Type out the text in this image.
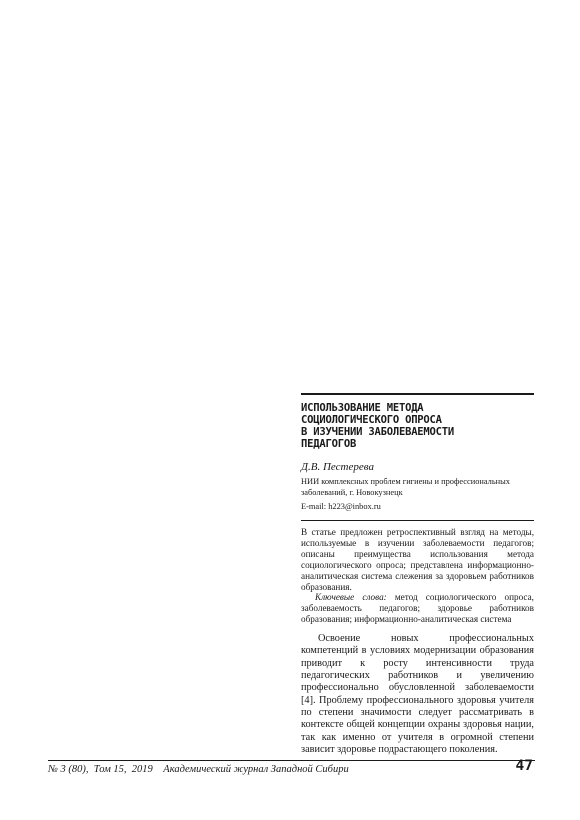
ИСПОЛЬЗОВАНИЕ МЕТОДА
СОЦИОЛОГИЧЕСКОГО ОПРОСА
В ИЗУЧЕНИИ ЗАБОЛЕВАЕМОСТИ
ПЕДАГОГОВ
Д.В. Пестерева
НИИ комплексных проблем гигиены и профессиональных заболеваний, г. Новокузнецк
E-mail: h223@inbox.ru
В статье предложен ретроспективный взгляд на методы, используемые в изучении заболеваемости педагогов; описаны преимущества использования метода социологического опроса; представлена информационно-аналитическая система слежения за здоровьем работников образования.
Ключевые слова: метод социологического опроса, заболеваемость педагогов; здоровье работников образования; информационно-аналитическая система
Освоение новых профессиональных компетенций в условиях модернизации образования приводит к росту интенсивности труда педагогических работников и увеличению профессионально обусловленной заболеваемости [4]. Проблему профессионального здоровья учителя по степени значимости следует рассматривать в контексте общей концепции охраны здоровья нации, так как именно от учителя в огромной степени зависит здоровье подрастающего поколения.
№ 3 (80),  Том 15,  2019    Академический журнал Западной Сибири	47
